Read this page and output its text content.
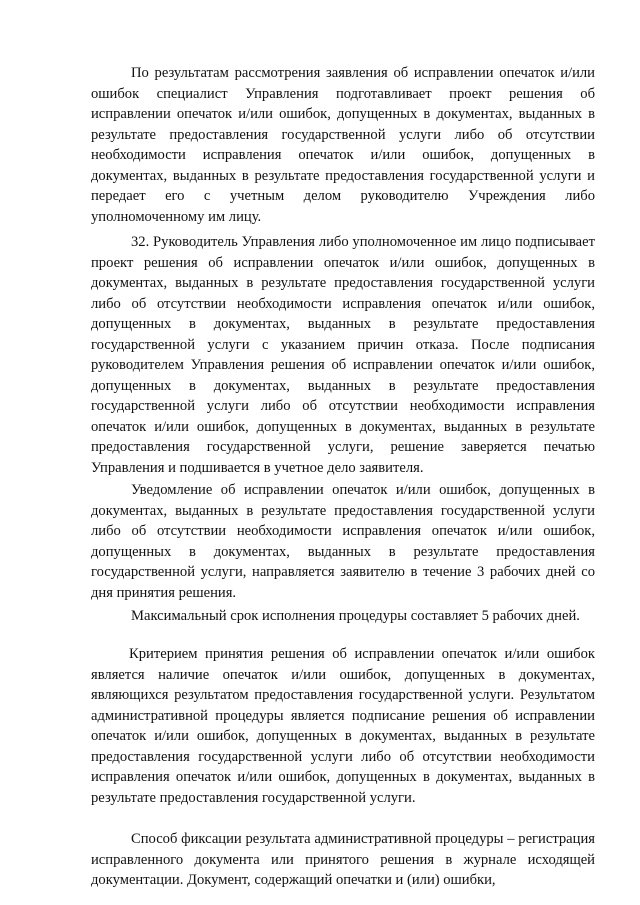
По результатам рассмотрения заявления об исправлении опечаток и/или ошибок специалист Управления подготавливает проект решения об исправлении опечаток и/или ошибок, допущенных в документах, выданных в результате предоставления государственной услуги либо об отсутствии необходимости исправления опечаток и/или ошибок, допущенных в документах, выданных в результате предоставления государственной услуги и передает его с учетным делом руководителю Учреждения либо уполномоченному им лицу.

32. Руководитель Управления либо уполномоченное им лицо подписывает проект решения об исправлении опечаток и/или ошибок, допущенных в документах, выданных в результате предоставления государственной услуги либо об отсутствии необходимости исправления опечаток и/или ошибок, допущенных в документах, выданных в результате предоставления государственной услуги с указанием причин отказа. После подписания руководителем Управления решения об исправлении опечаток и/или ошибок, допущенных в документах, выданных в результате предоставления государственной услуги либо об отсутствии необходимости исправления опечаток и/или ошибок, допущенных в документах, выданных в результате предоставления государственной услуги, решение заверяется печатью Управления и подшивается в учетное дело заявителя.

Уведомление об исправлении опечаток и/или ошибок, допущенных в документах, выданных в результате предоставления государственной услуги либо об отсутствии необходимости исправления опечаток и/или ошибок, допущенных в документах, выданных в результате предоставления государственной услуги, направляется заявителю в течение 3 рабочих дней со дня принятия решения.

Максимальный срок исполнения процедуры составляет 5 рабочих дней.

Критерием принятия решения об исправлении опечаток и/или ошибок является наличие опечаток и/или ошибок, допущенных в документах, являющихся результатом предоставления государственной услуги. Результатом административной процедуры является подписание решения об исправлении опечаток и/или ошибок, допущенных в документах, выданных в результате предоставления государственной услуги либо об отсутствии необходимости исправления опечаток и/или ошибок, допущенных в документах, выданных в результате предоставления государственной услуги.

Способ фиксации результата административной процедуры – регистрация исправленного документа или принятого решения в журнале исходящей документации. Документ, содержащий опечатки и (или) ошибки,
